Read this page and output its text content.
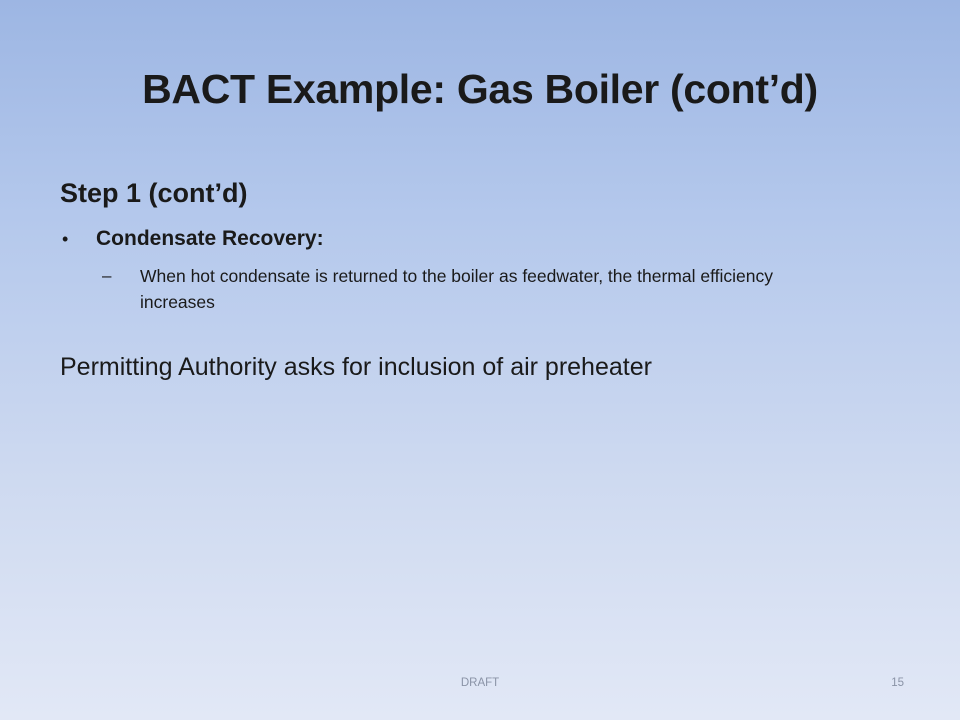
BACT Example: Gas Boiler (cont’d)
Step 1 (cont’d)
•	Condensate Recovery:
–	When hot condensate is returned to the boiler as feedwater, the thermal efficiency increases
Permitting Authority asks for inclusion of air preheater
DRAFT	15
